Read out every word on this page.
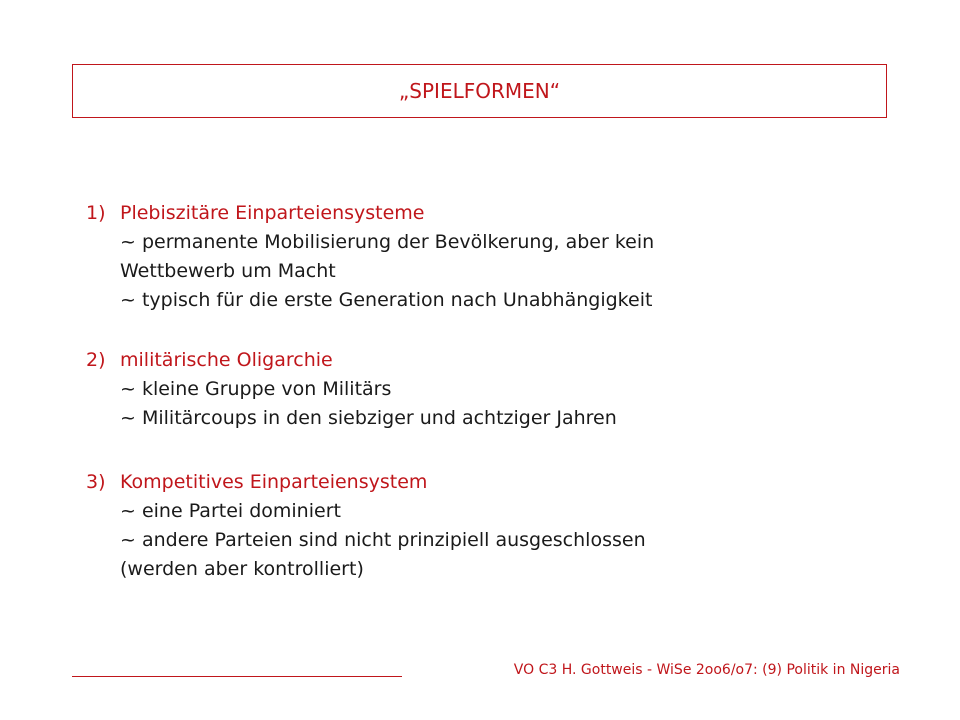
„SPIELFORMEN“
1) Plebiszitäre Einparteiensysteme
~ permanente Mobilisierung der Bevölkerung, aber kein
Wettbewerb um Macht
~ typisch für die erste Generation nach Unabhängigkeit
2) militärische Oligarchie
~ kleine Gruppe von Militärs
~ Militärcoups in den siebziger und achtziger Jahren
3) Kompetitives Einparteiensystem
~ eine Partei dominiert
~ andere Parteien sind nicht prinzipiell ausgeschlossen
(werden aber kontrolliert)
VO C3 H. Gottweis - WiSe 2oo6/o7: (9) Politik in Nigeria
